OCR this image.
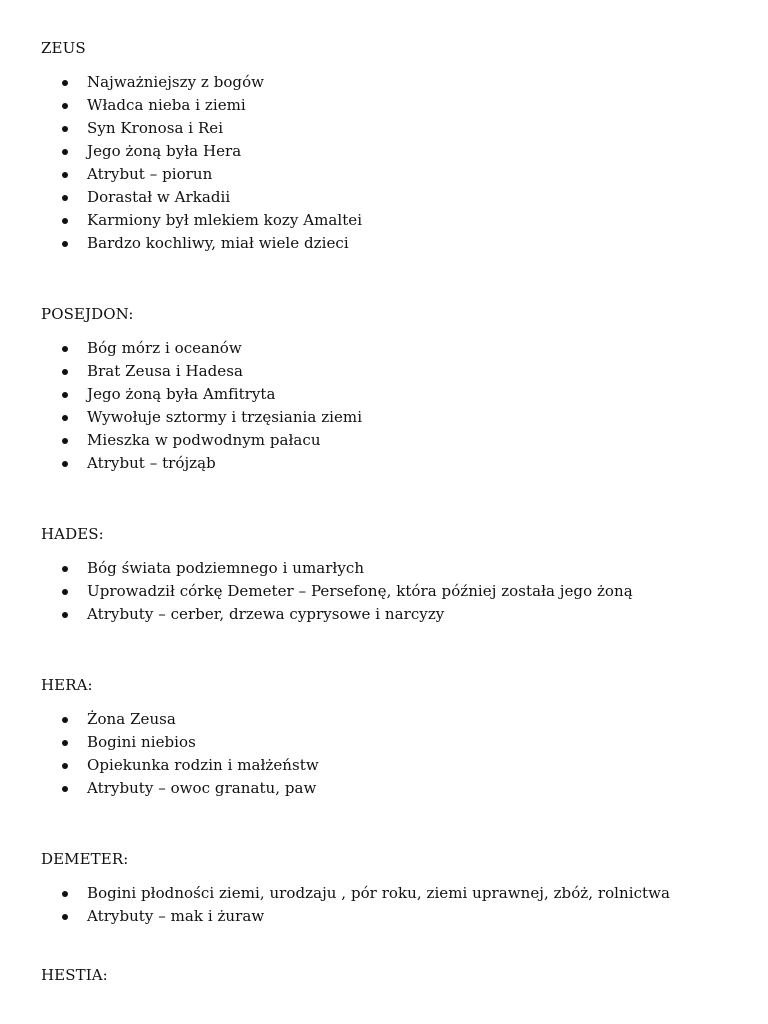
ZEUS
Najważniejszy z bogów
Władca nieba i ziemi
Syn Kronosa i Rei
Jego żoną była Hera
Atrybut – piorun
Dorastał w Arkadii
Karmiony był mlekiem kozy Amaltei
Bardzo kochliwy, miał wiele dzieci
POSEJDON:
Bóg mórz i oceanów
Brat Zeusa i Hadesa
Jego żoną była Amfitryta
Wywołuje sztormy i trzęsiania ziemi
Mieszka w podwodnym pałacu
Atrybut – trójząb
HADES:
Bóg świata podziemnego i umarłych
Uprowadził córkę Demeter – Persefonę, która później została jego żoną
Atrybuty – cerber, drzewa cyprysowe i narcyzy
HERA:
Żona Zeusa
Bogini niebios
Opiekunka rodzin i małżeństw
Atrybuty – owoc granatu, paw
DEMETER:
Bogini płodności ziemi, urodzaju , pór roku, ziemi uprawnej, zbóż, rolnictwa
Atrybuty – mak i żuraw
HESTIA:
